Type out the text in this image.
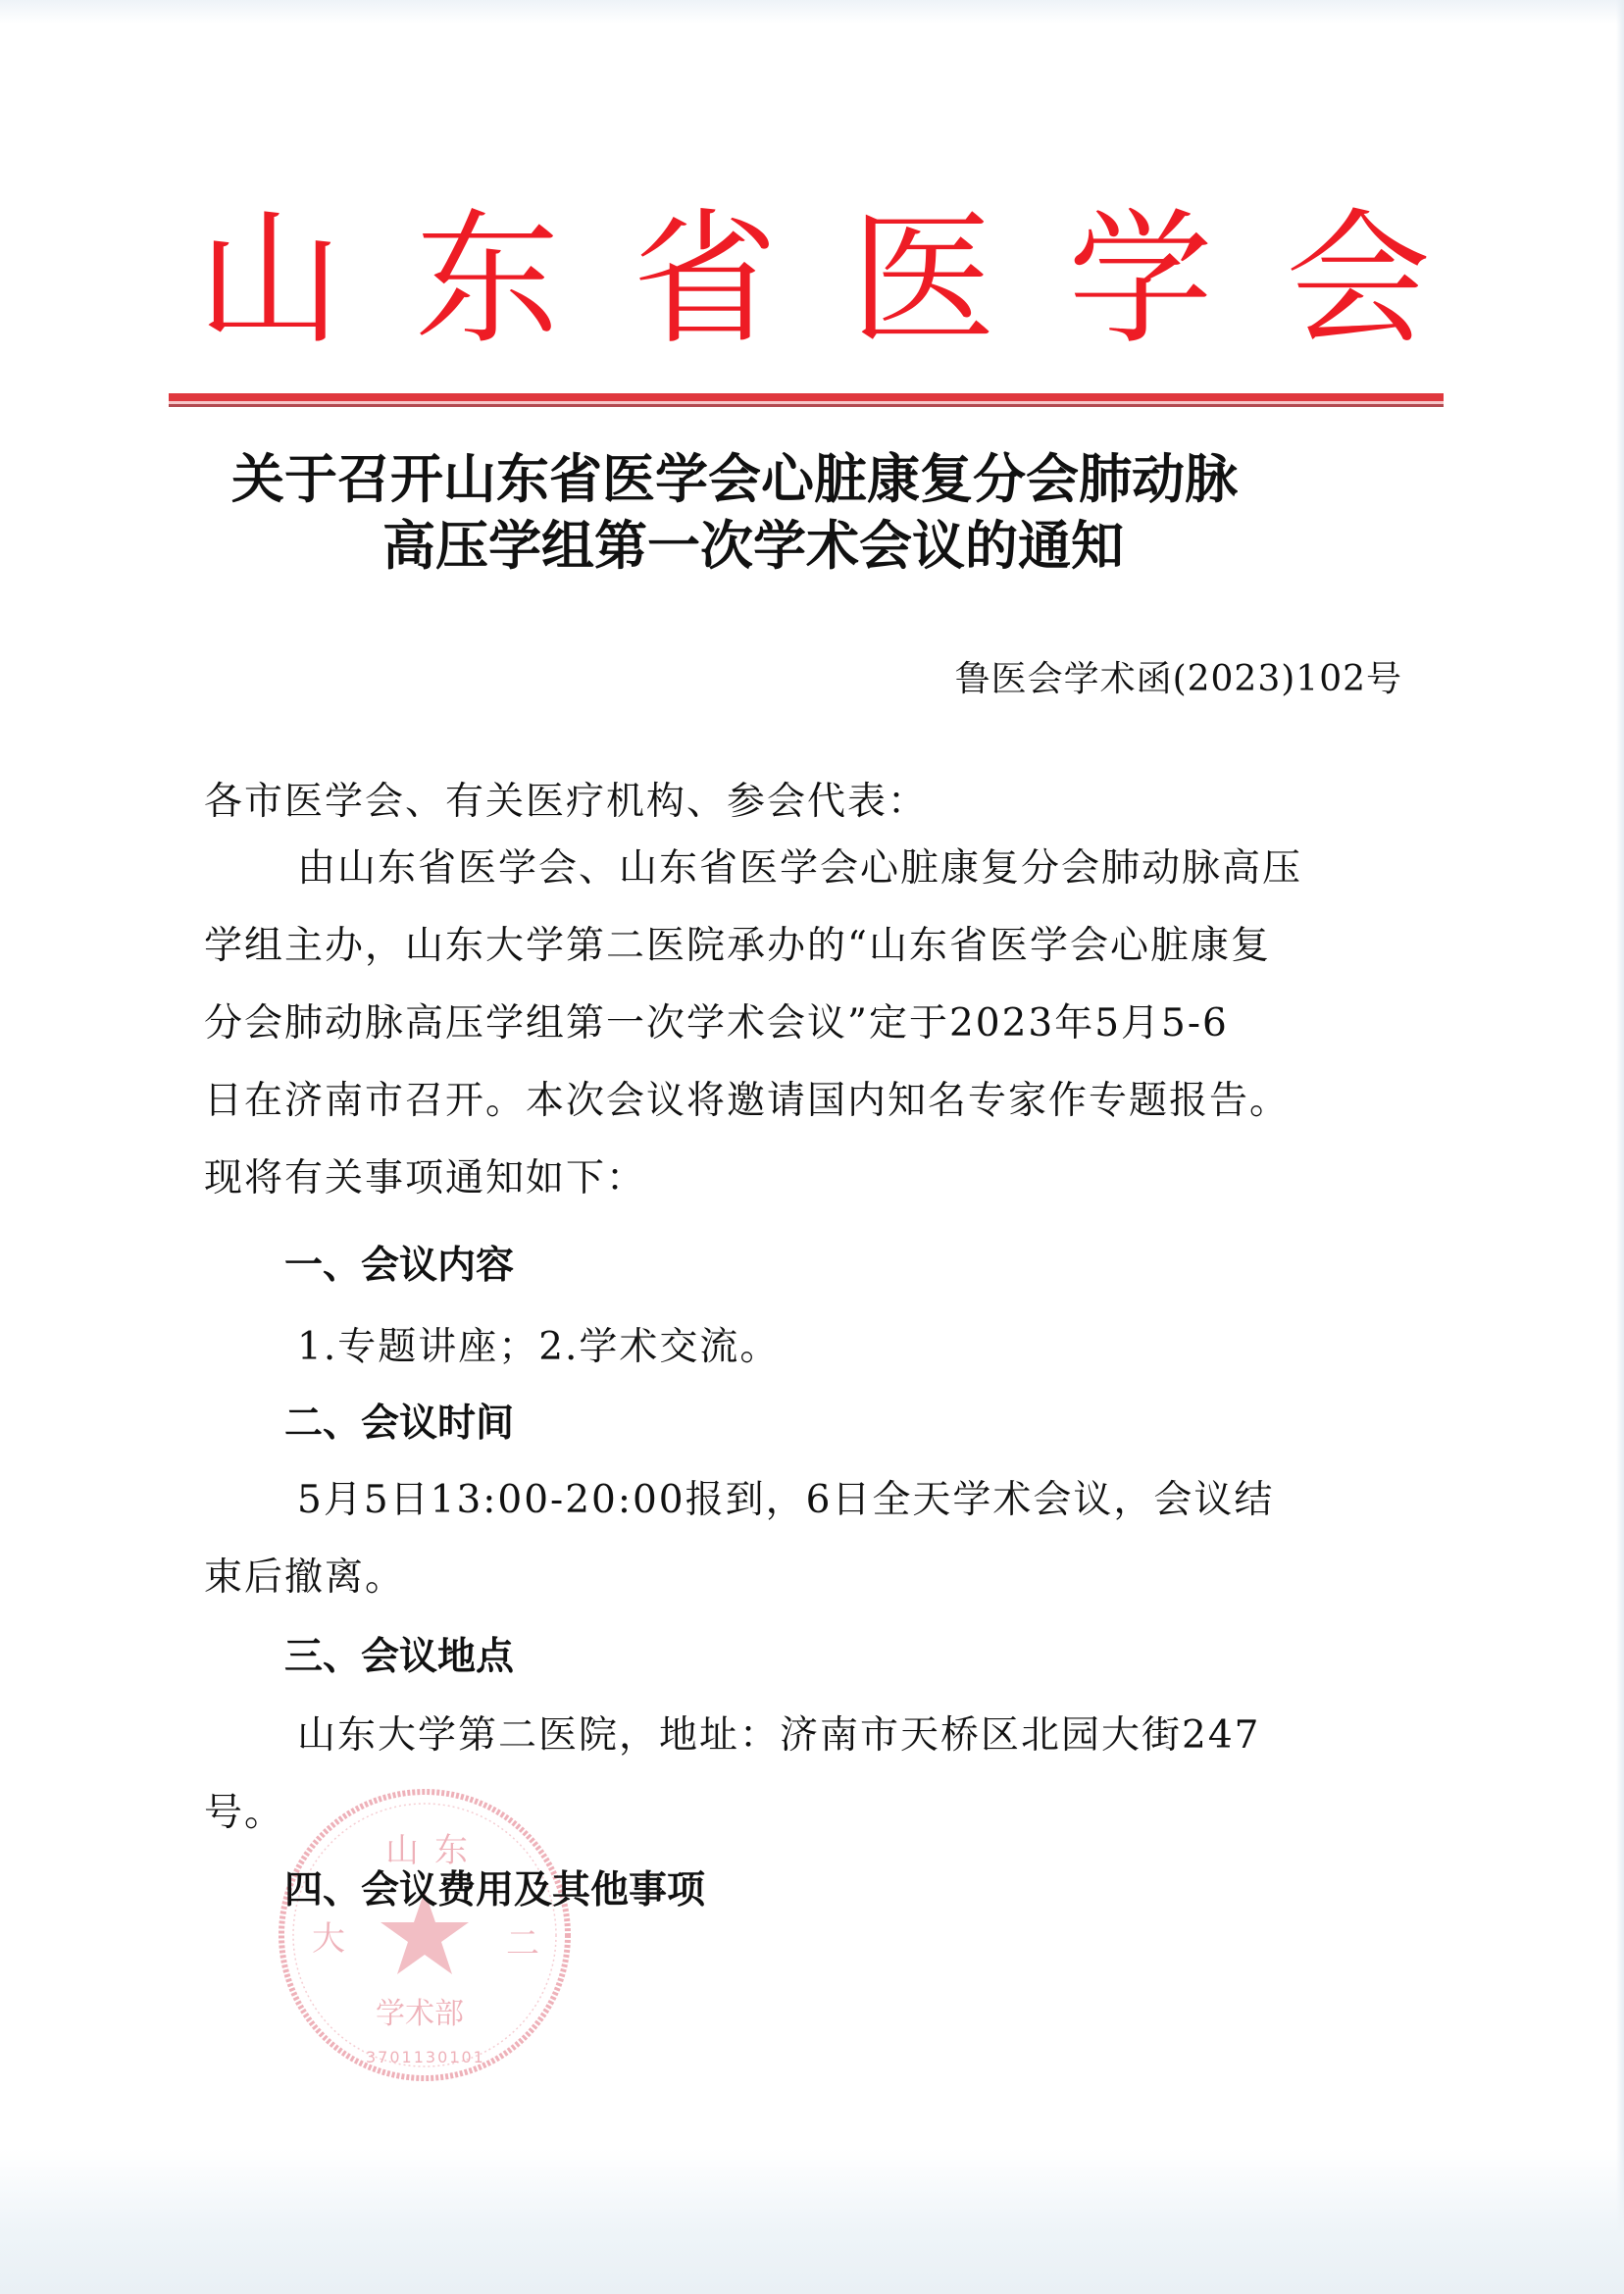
山 东 省 医 学 会
关于召开山东省医学会心脏康复分会肺动脉
高压学组第一次学术会议的通知
鲁医会学术函(2023)102号
各市医学会、有关医疗机构、参会代表：
由山东省医学会、山东省医学会心脏康复分会肺动脉高压
学组主办，山东大学第二医院承办的“山东省医学会心脏康复
分会肺动脉高压学组第一次学术会议”定于2023年5月5-6
日在济南市召开。本次会议将邀请国内知名专家作专题报告。
现将有关事项通知如下：
一、会议内容
1.专题讲座；2.学术交流。
二、会议时间
5月5日13:00-20:00报到，6日全天学术会议，会议结
束后撤离。
三、会议地点
山东大学第二医院，地址：济南市天桥区北园大街247
号。
山 东
大	二
学术部
3701130101
四、会议费用及其他事项
